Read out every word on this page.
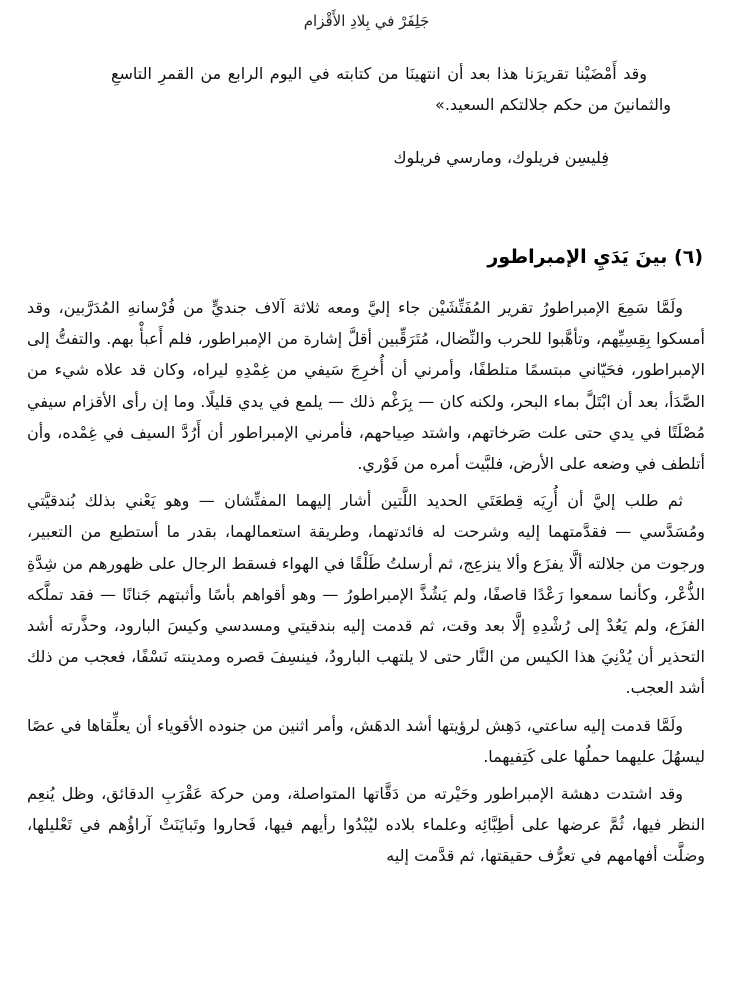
جَلِفَرْ في بِلادِ الأَقْزام

وقد أَمْضَيْنا تقريرَنا هذا بعد أن انتهينَا من كتابته في اليوم الرابع من القمرِ التاسعِ والثمانينَ من حكم جلالتكم السعيد.»

فِليسِن فريلوك، ومارسي فريلوك
(٦) بينَ يَدَيِ الإمبراطور

ولَمَّا سَمِعَ الإمبراطورُ تقرير المُفَتِّشَيْن جاء إليَّ ومعه ثلاثة آلاف جنديٍّ من فُرْسانهِ المُدَرَّبين، وقد أمسكوا بِقِسِيِّهم، وتأهَّبوا للحرب والنِّضال، مُتَرَقِّبين أقلَّ إشارة من الإمبراطور، فلم أَعبأْ بهم. والتفتُّ إلى الإمبراطور، فحَيّاني مبتسمًا متلطفًا، وأمرني أن أُخرِجَ سَيفي من غِمْدِهِ ليراه، وكان قد علاه شيء من الصَّدَأ، بعد أن ابْتَلَّ بماء البحر، ولكنه كان — بِرَغْم ذلك — يلمع في يدي قليلًا. وما إن رأى الأقزام سيفي مُصْلَتًا في يدي حتى علت صَرخاتهم، واشتد صِياحهم، فأمرني الإمبراطور أن أَرُدَّ السيف في غِمْده، وأن أتلطف في وضعه على الأرض، فلبَّيت أمره من فَوْري.

ثم طلب إليَّ أن أُرِيَه قِطعَتَي الحديد اللَّتين أشار إليهما المفتِّشان — وهو يَعْني بذلك بُندقيَّتي ومُسَدَّسي — فقدَّمتهما إليه وشرحت له فائدتهما، وطريقة استعمالهما، بقدر ما أستطيع من التعبير، ورجوت من جلالته ألَّا يفزَع وألا ينزعِج، ثم أرسلتُ طَلْقًا في الهواء فسقط الرجال على ظهورهم من شِدَّةِ الذُّعْر، وكأنما سمعوا رَعْدًا قاصفًا، ولم يَشُذَّ الإمبراطورُ — وهو أقواهم بأسًا وأثبتهم جَنانًا — فقد تملَّكه الفزَع، ولم يَعُدْ إلى رُشْدِهِ إلَّا بعد وقت، ثم قدمت إليه بندقيتي ومسدسي وكيسَ البارود، وحذَّرته أشد التحذير أن يُدْنِيَ هذا الكيس من النَّار حتى لا يلتهب البارودُ، فينسِفَ قصره ومدينته نَسْفًا، فعجب من ذلك أشد العجب.

ولَمَّا قدمت إليه ساعتي، دَهِش لرؤيتها أشد الدهَش، وأمر اثنين من جنوده الأقوياء أن يعلِّقاها في عصًا ليسهُلَ عليهما حملُها على كَتِفيهما.

وقد اشتدت دهشة الإمبراطور وحَيْرته من دَقَّاتها المتواصلة، ومن حركة عَقْرَبِ الدقائق، وظل يُنعِم النظر فيها، ثُمَّ عرضها على أطِبَّائِه وعلماء بلاده ليُبْدُوا رأيهم فيها، فَحاروا وتَبايَنَتْ آراؤُهم في تَعْليلها، وضلَّت أفهامهم في تعرُّف حقيقتها، ثم قدَّمت إليه
